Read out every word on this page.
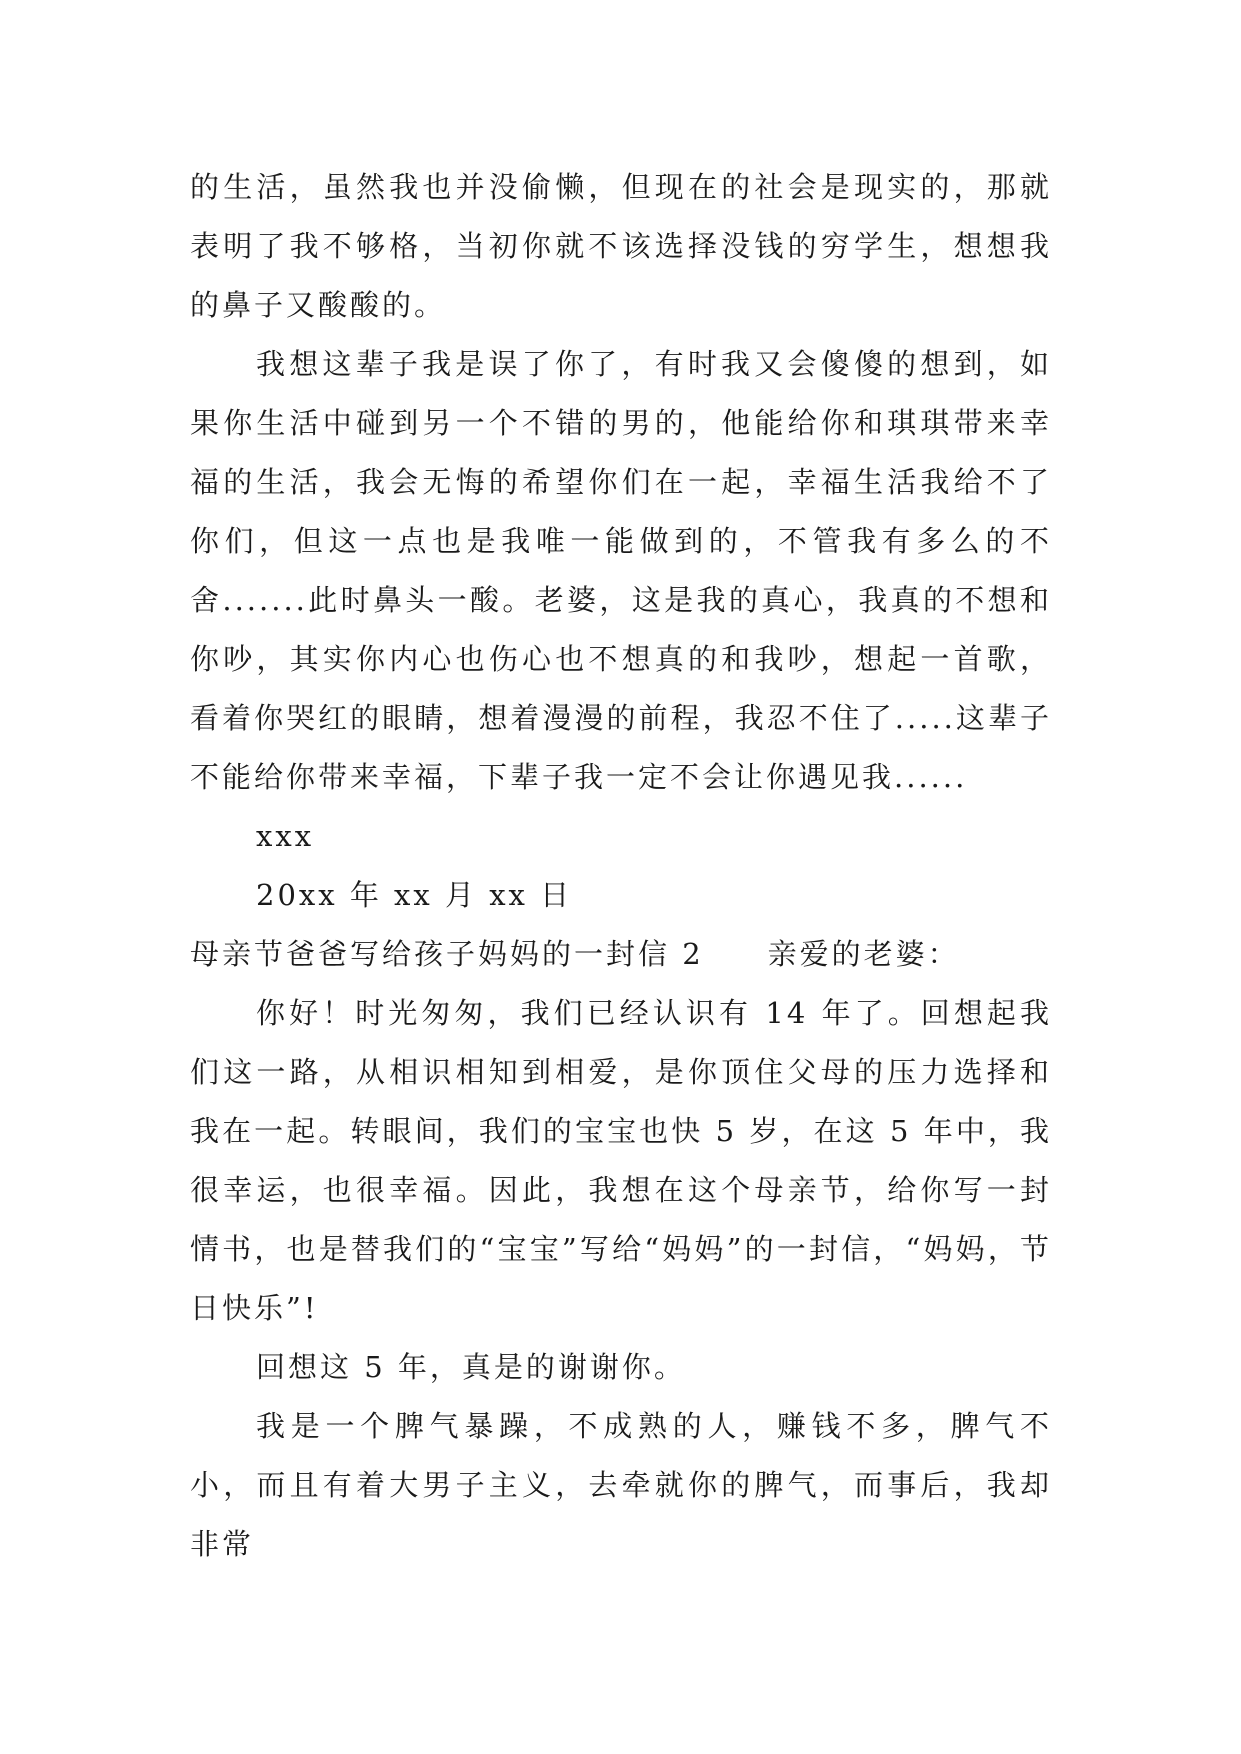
的生活，虽然我也并没偷懒，但现在的社会是现实的，那就表明了我不够格，当初你就不该选择没钱的穷学生，想想我的鼻子又酸酸的。

我想这辈子我是误了你了，有时我又会傻傻的想到，如果你生活中碰到另一个不错的男的，他能给你和琪琪带来幸福的生活，我会无悔的希望你们在一起，幸福生活我给不了你们，但这一点也是我唯一能做到的，不管我有多么的不舍.......此时鼻头一酸。老婆，这是我的真心，我真的不想和你吵，其实你内心也伤心也不想真的和我吵，想起一首歌，看着你哭红的眼睛，想着漫漫的前程，我忍不住了.....这辈子不能给你带来幸福，下辈子我一定不会让你遇见我......

xxx

20xx 年 xx 月 xx 日

母亲节爸爸写给孩子妈妈的一封信 2　　亲爱的老婆：

你好！时光匆匆，我们已经认识有 14 年了。回想起我们这一路，从相识相知到相爱，是你顶住父母的压力选择和我在一起。转眼间，我们的宝宝也快 5 岁，在这 5 年中，我很幸运，也很幸福。因此，我想在这个母亲节，给你写一封情书，也是替我们的“宝宝”写给“妈妈”的一封信，“妈妈，节日快乐”!

回想这 5 年，真是的谢谢你。

我是一个脾气暴躁，不成熟的人，赚钱不多，脾气不小，而且有着大男子主义，去牵就你的脾气，而事后，我却非常
